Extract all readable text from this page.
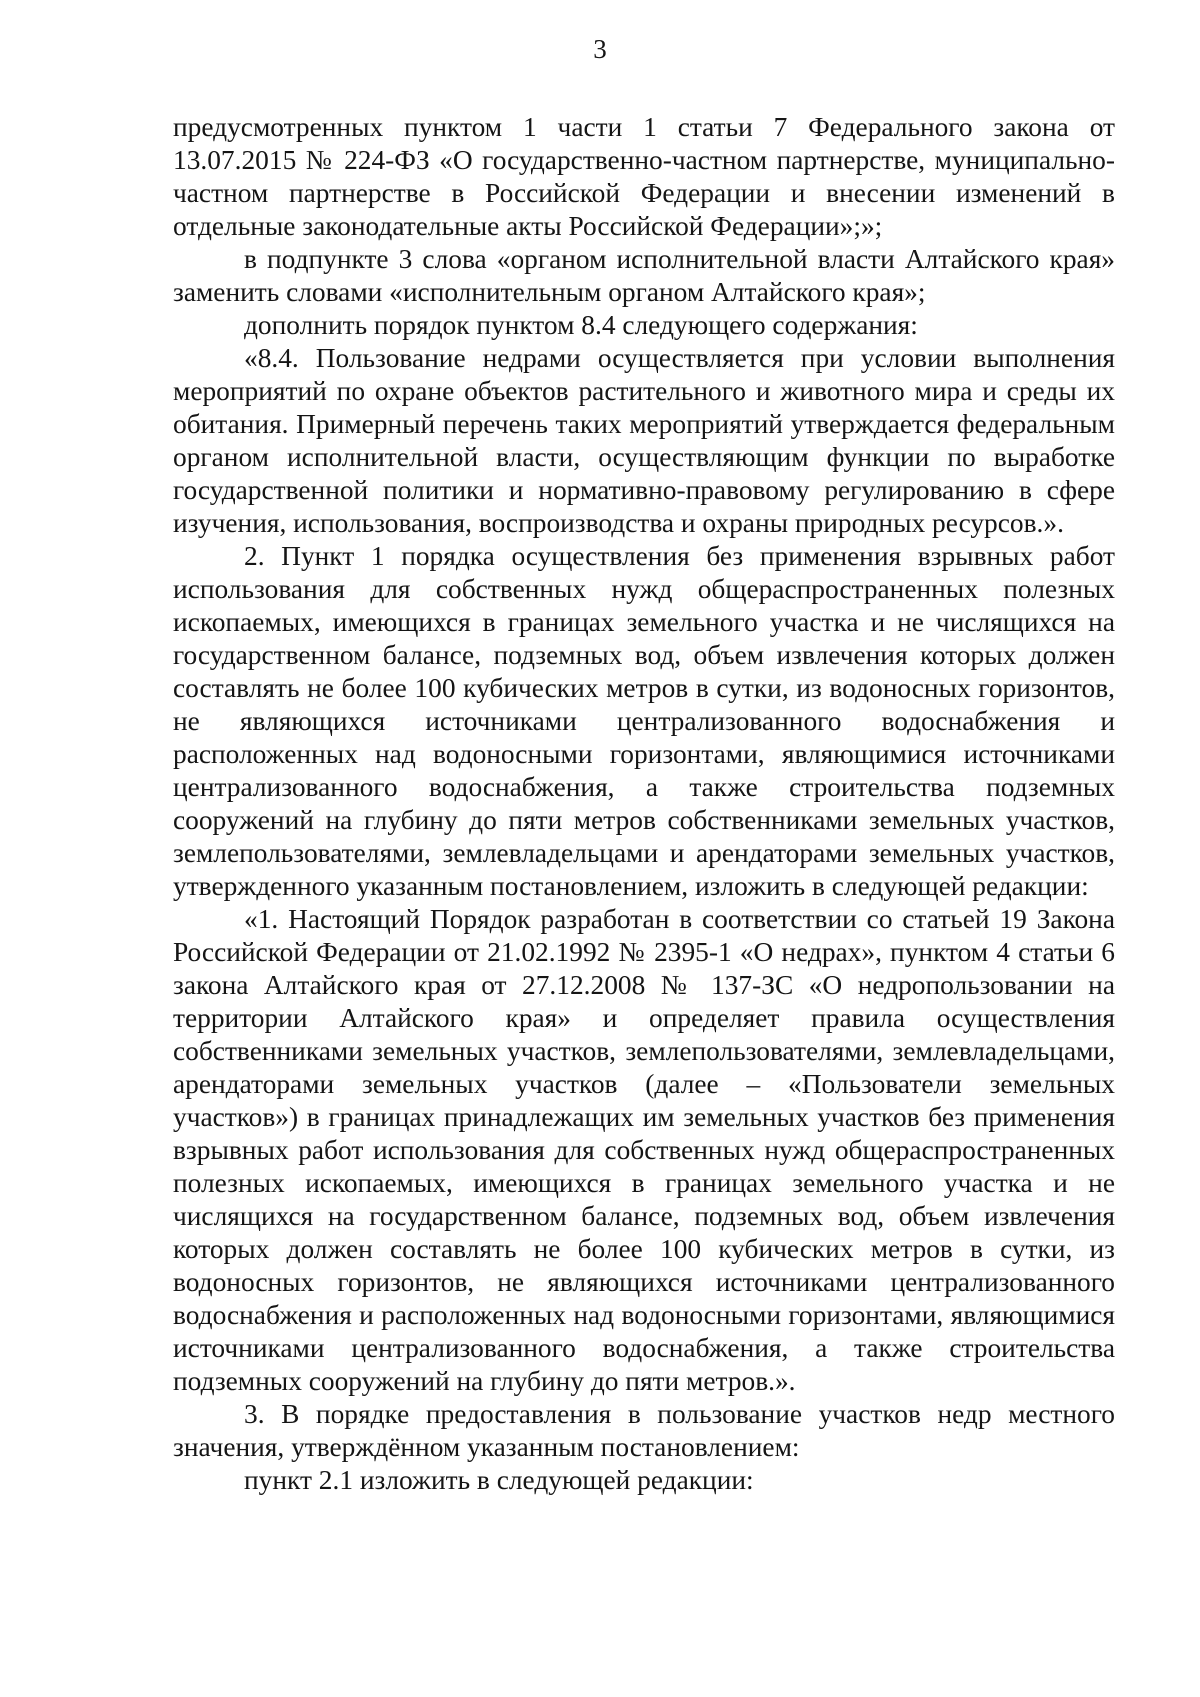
3

предусмотренных пунктом 1 части 1 статьи 7 Федерального закона от 13.07.2015 № 224-ФЗ «О государственно-частном партнерстве, муниципально-частном партнерстве в Российской Федерации и внесении изменений в отдельные законодательные акты Российской Федерации»;»;

в подпункте 3 слова «органом исполнительной власти Алтайского края» заменить словами «исполнительным органом Алтайского края»;

дополнить порядок пунктом 8.4 следующего содержания:

«8.4. Пользование недрами осуществляется при условии выполнения мероприятий по охране объектов растительного и животного мира и среды их обитания. Примерный перечень таких мероприятий утверждается федеральным органом исполнительной власти, осуществляющим функции по выработке государственной политики и нормативно-правовому регулированию в сфере изучения, использования, воспроизводства и охраны природных ресурсов.».

2. Пункт 1 порядка осуществления без применения взрывных работ использования для собственных нужд общераспространенных полезных ископаемых, имеющихся в границах земельного участка и не числящихся на государственном балансе, подземных вод, объем извлечения которых должен составлять не более 100 кубических метров в сутки, из водоносных горизонтов, не являющихся источниками централизованного водоснабжения и расположенных над водоносными горизонтами, являющимися источниками централизованного водоснабжения, а также строительства подземных сооружений на глубину до пяти метров собственниками земельных участков, землепользователями, землевладельцами и арендаторами земельных участков, утвержденного указанным постановлением, изложить в следующей редакции:

«1. Настоящий Порядок разработан в соответствии со статьей 19 Закона Российской Федерации от 21.02.1992 № 2395-1 «О недрах», пунктом 4 статьи 6 закона Алтайского края от 27.12.2008 № 137-ЗС «О недропользовании на территории Алтайского края» и определяет правила осуществления собственниками земельных участков, землепользователями, землевладельцами, арендаторами земельных участков (далее – «Пользователи земельных участков») в границах принадлежащих им земельных участков без применения взрывных работ использования для собственных нужд общераспространенных полезных ископаемых, имеющихся в границах земельного участка и не числящихся на государственном балансе, подземных вод, объем извлечения которых должен составлять не более 100 кубических метров в сутки, из водоносных горизонтов, не являющихся источниками централизованного водоснабжения и расположенных над водоносными горизонтами, являющимися источниками централизованного водоснабжения, а также строительства подземных сооружений на глубину до пяти метров.».

3. В порядке предоставления в пользование участков недр местного значения, утверждённом указанным постановлением:

пункт 2.1 изложить в следующей редакции:
